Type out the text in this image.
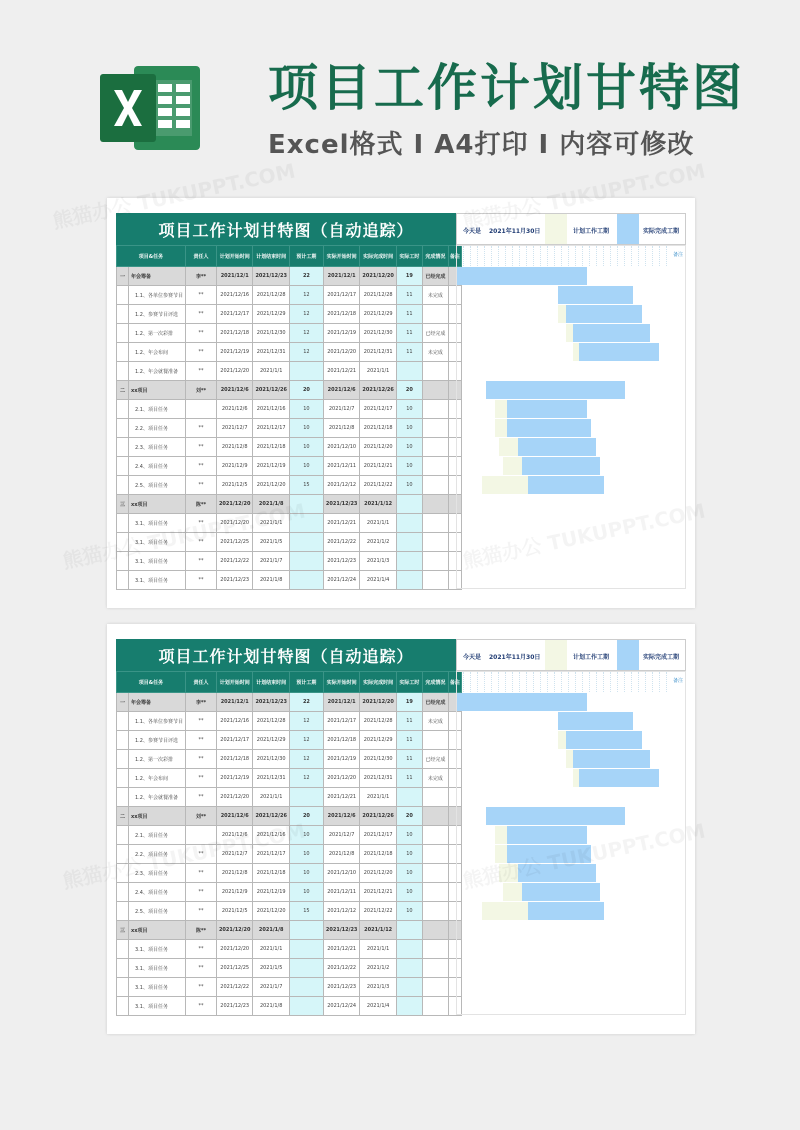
项目工作计划甘特图
Excel格式 I A4打印 I 内容可修改
项目工作计划甘特图（自动追踪）	今天是 2021年11月30日	计划工作工期	实际完成工期
项目&任务		责任人	计划开始时间	计划结束时间	预计工期	实际开始时间	实际完成时间	实际工时	完成情况	备注
一	年会筹备	李**	2021/12/1	2021/12/23	22	2021/12/1	2021/12/20	19	已经完成	
	1.1、各单位参赛节目	**	2021/12/16	2021/12/28	12	2021/12/17	2021/12/28	11	未完成	
	1.2、参赛节目评选	**	2021/12/17	2021/12/29	12	2021/12/18	2021/12/29	11		
	1.2、第一次彩排	**	2021/12/18	2021/12/30	12	2021/12/19	2021/12/30	11	已经完成	
	1.2、年会布间	**	2021/12/19	2021/12/31	12	2021/12/20	2021/12/31	11	未完成	
	1.2、年会就餐准备	**	2021/12/20	2021/1/1		2021/12/21	2021/1/1			
二	xx项目	刘**	2021/12/6	2021/12/26	20	2021/12/6	2021/12/26	20		
	2.1、项目任务		2021/12/6	2021/12/16	10	2021/12/7	2021/12/17	10		
	2.2、项目任务	**	2021/12/7	2021/12/17	10	2021/12/8	2021/12/18	10		
	2.3、项目任务	**	2021/12/8	2021/12/18	10	2021/12/10	2021/12/20	10		
	2.4、项目任务	**	2021/12/9	2021/12/19	10	2021/12/11	2021/12/21	10		
	2.5、项目任务	**	2021/12/5	2021/12/20	15	2021/12/12	2021/12/22	10		
三	xx项目	陈**	2021/12/20	2021/1/8		2021/12/23	2021/1/12			
	3.1、项目任务	**	2021/12/20	2021/1/1		2021/12/21	2021/1/1			
	3.1、项目任务	**	2021/12/25	2021/1/5		2021/12/22	2021/1/2			
	3.1、项目任务	**	2021/12/22	2021/1/7		2021/12/23	2021/1/3			
	3.1、项目任务	**	2021/12/23	2021/1/8		2021/12/24	2021/1/4			
备注
项目工作计划甘特图（自动追踪）	今天是 2021年11月30日	计划工作工期	实际完成工期
项目&任务		责任人	计划开始时间	计划结束时间	预计工期	实际开始时间	实际完成时间	实际工时	完成情况	备注
一	年会筹备	李**	2021/12/1	2021/12/23	22	2021/12/1	2021/12/20	19	已经完成	
	1.1、各单位参赛节目	**	2021/12/16	2021/12/28	12	2021/12/17	2021/12/28	11	未完成	
	1.2、参赛节目评选	**	2021/12/17	2021/12/29	12	2021/12/18	2021/12/29	11		
	1.2、第一次彩排	**	2021/12/18	2021/12/30	12	2021/12/19	2021/12/30	11	已经完成	
	1.2、年会布间	**	2021/12/19	2021/12/31	12	2021/12/20	2021/12/31	11	未完成	
	1.2、年会就餐准备	**	2021/12/20	2021/1/1		2021/12/21	2021/1/1			
二	xx项目	刘**	2021/12/6	2021/12/26	20	2021/12/6	2021/12/26	20		
	2.1、项目任务		2021/12/6	2021/12/16	10	2021/12/7	2021/12/17	10		
	2.2、项目任务	**	2021/12/7	2021/12/17	10	2021/12/8	2021/12/18	10		
	2.3、项目任务	**	2021/12/8	2021/12/18	10	2021/12/10	2021/12/20	10		
	2.4、项目任务	**	2021/12/9	2021/12/19	10	2021/12/11	2021/12/21	10		
	2.5、项目任务	**	2021/12/5	2021/12/20	15	2021/12/12	2021/12/22	10		
三	xx项目	陈**	2021/12/20	2021/1/8		2021/12/23	2021/1/12			
	3.1、项目任务	**	2021/12/20	2021/1/1		2021/12/21	2021/1/1			
	3.1、项目任务	**	2021/12/25	2021/1/5		2021/12/22	2021/1/2			
	3.1、项目任务	**	2021/12/22	2021/1/7		2021/12/23	2021/1/3			
	3.1、项目任务	**	2021/12/23	2021/1/8		2021/12/24	2021/1/4			
备注
